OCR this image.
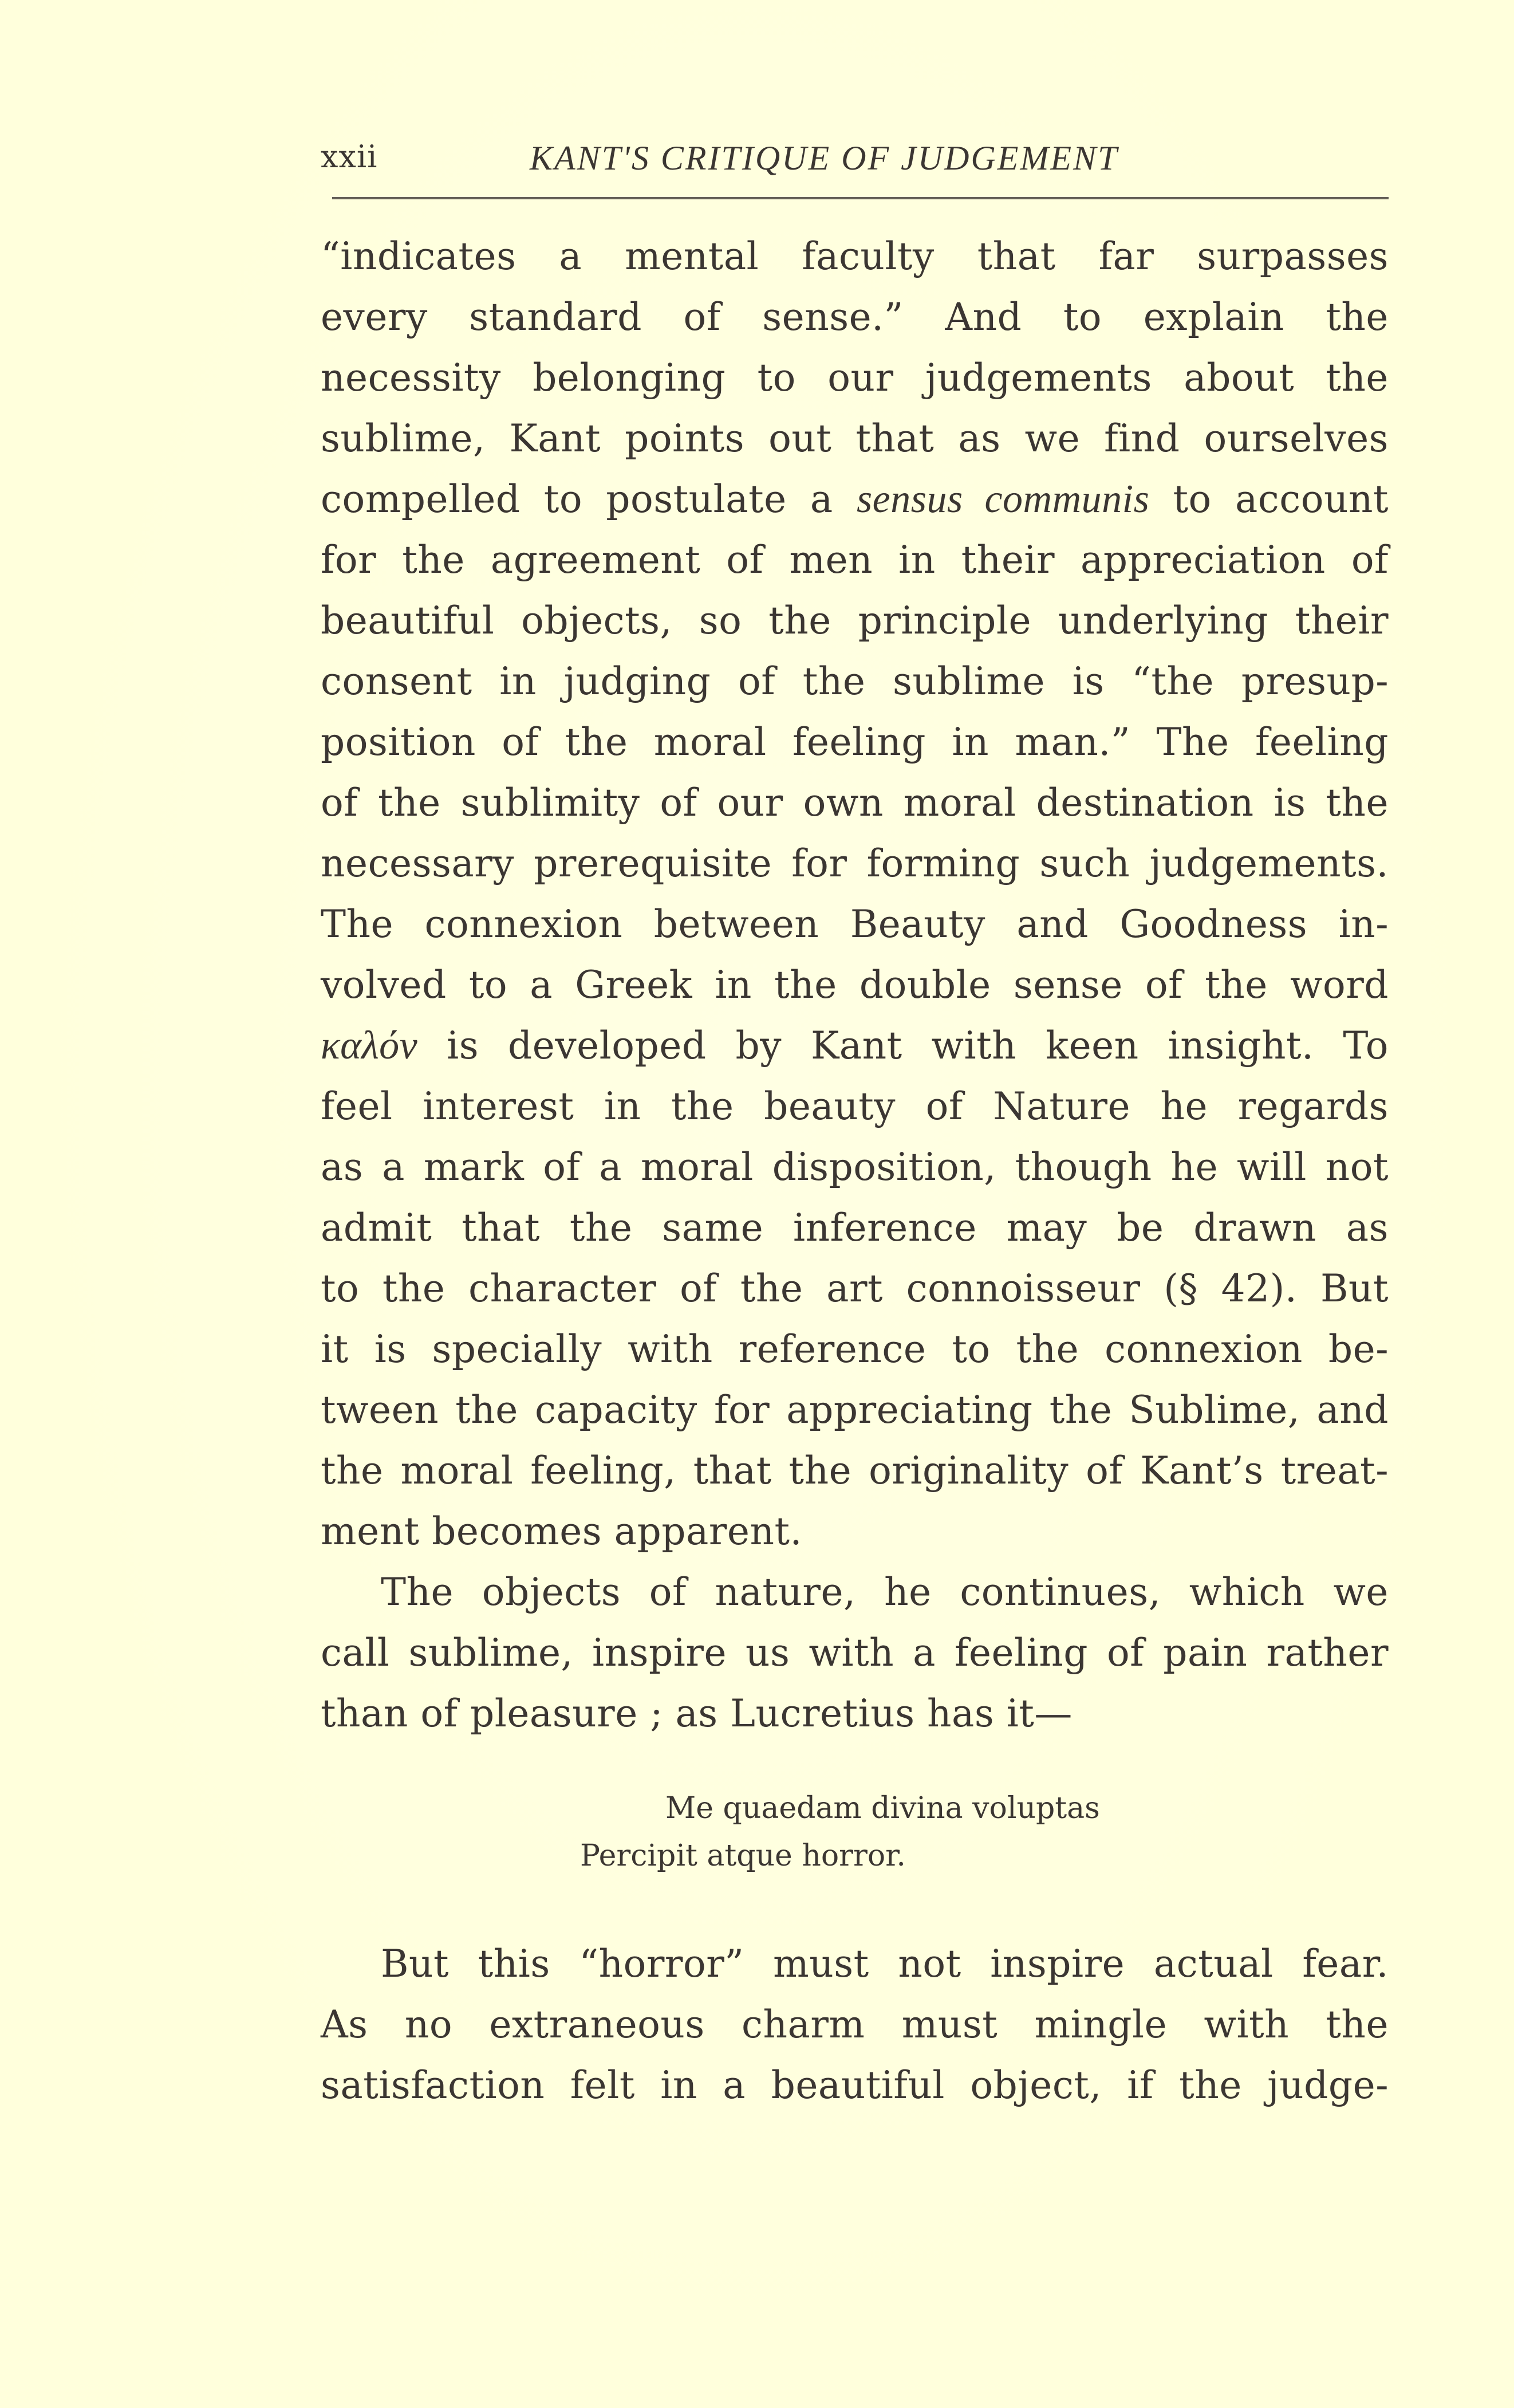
xxii	KANT'S CRITIQUE OF JUDGEMENT
“indicates a mental faculty that far surpasses
every standard of sense.” And to explain the
necessity belonging to our judgements about the
sublime, Kant points out that as we find ourselves
compelled to postulate a sensus communis to account
for the agreement of men in their appreciation of
beautiful objects, so the principle underlying their
consent in judging of the sublime is “the presup-
position of the moral feeling in man.” The feeling
of the sublimity of our own moral destination is the
necessary prerequisite for forming such judgements.
The connexion between Beauty and Goodness in-
volved to a Greek in the double sense of the word
καλόν is developed by Kant with keen insight. To
feel interest in the beauty of Nature he regards
as a mark of a moral disposition, though he will not
admit that the same inference may be drawn as
to the character of the art connoisseur (§ 42). But
it is specially with reference to the connexion be-
tween the capacity for appreciating the Sublime, and
the moral feeling, that the originality of Kant’s treat-
ment becomes apparent.
The objects of nature, he continues, which we
call sublime, inspire us with a feeling of pain rather
than of pleasure ; as Lucretius has it—
Me quaedam divina voluptas
Percipit atque horror.
But this “horror” must not inspire actual fear.
As no extraneous charm must mingle with the
satisfaction felt in a beautiful object, if the judge-
